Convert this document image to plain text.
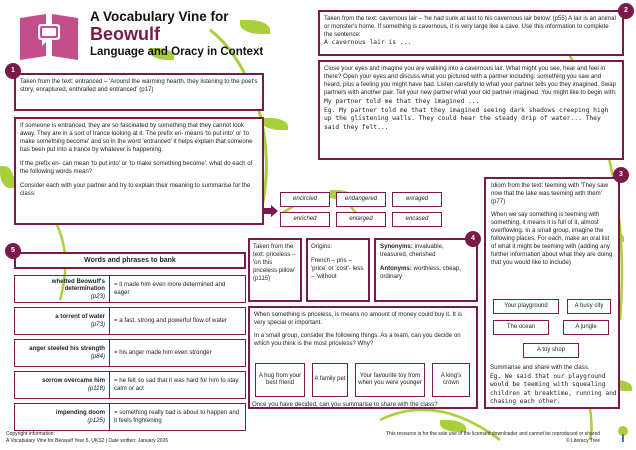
A Vocabulary Vine for
Beowulf
Language and Oracy in Context
Taken from the text: entranced – 'Around the warming hearth, they listening to the poet's story, enraptured, enthralled and entranced' (p17)
1
If someone is entranced, they are so fascinated by something that they cannot look away. They are in a sort of trance looking at it. The prefix en- means 'to put into' or 'to make something become' and so in the word 'entranced' it helps explain that someone has been put into a trance by whatever is happening.
If the prefix en- can mean 'to put into' or 'to make something become', what do each of the following words mean?
Consider each with your partner and try to explain their meaning to summarise for the class:
encircled	endangered	enraged
enriched	enlarged	encased
Taken from the text: cavernous lair – 'he had sunk at last to his cavernous lair below' (p55) A lair is an animal or monster's home. If something is cavernous, it is very large like a cave. Use this information to complete the sentence:
A cavernous lair is ...
2
Close your eyes and imagine you are walking into a cavernous lair. What might you see, hear and feel in there? Open your eyes and discuss what you pictured with a partner including: something you saw and heard, plus a feeling you might have had. Listen carefully to what your partner tells you they imagined. Swap partners with another pair. Tell your new partner what your old partner imagined. You might like to begin with:
My partner told me that they imagined ...
Eg. My partner told me that they imagined seeing dark shadows creeping high up the glistening walls. They could hear the steady drip of water... They said they felt...
Idiom from the text: teeming with 'They saw now that the lake was teeming with them' (p77)
When we say something is teeming with something, it means it is full of it, almost overflowing. In a small group, imagine the following places. For each, make an oral list of what it might be teeming with (adding any further information about what they are doing that you would like to include)
3
Your playground	A busy city
The ocean	A jungle
A toy shop
Summarise and share with the class.
Eg. We said that our playground would be teeming with squealing children at breaktime, running and chasing each other.
Taken from the text: priceless – 'on this priceless pillow' (p115)
Origins:
French – pris – 'price' or 'cost'- less – 'without
Synonyms: invaluable, treasured, cherished
Antonyms: worthless, cheap, ordinary
4
When something is priceless, is means no amount of money could buy it. It is very special or important.
In a small group, consider the following things. As a team, can you decide on which you think is the most priceless? Why?
A hug from your best friend
A family pet
Your favourite toy from when you were younger
A king's crown
Once you have decided, can you summarise to share with the class?
Words and phrases to bank
5
whetted Beowulf's determination
(p23)
= it made him even more determined and eager
a torrent of water
(p73)
= a fast, strong and powerful flow of water
anger steeled his strength
(p84)
= his anger made him even stronger
sorrow overcame him
(p118)
= he felt so sad that it was hard for him to stay calm or act
impending doom
(p125)
= something really bad is about to happen and it feels frightening
Copyright information:
A Vocabulary Vine for Beowulf Year 5, UKS2 | Date written: January 2026
This resource is for the sole use of the licensed downloader and cannot be reproduced or shared
© Literacy Tree
